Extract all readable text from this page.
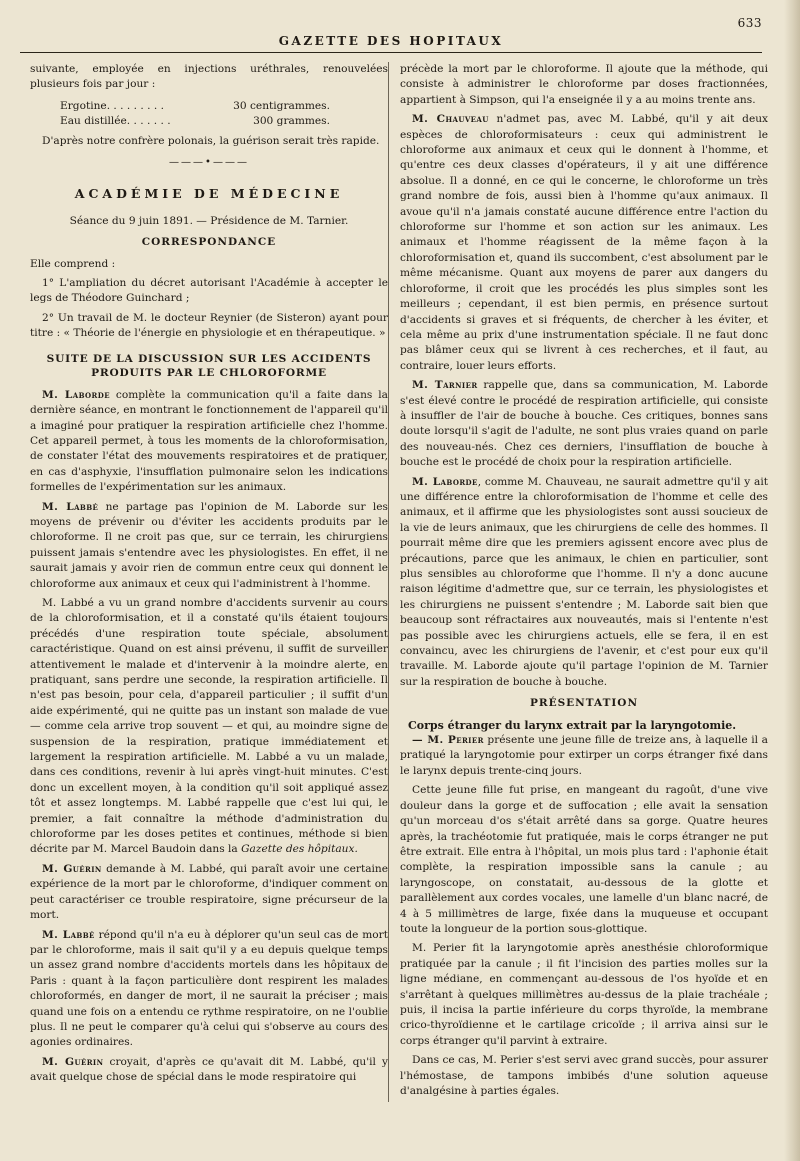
633
GAZETTE DES HOPITAUX

suivante, employée en injections uréthrales, renouvelées plusieurs fois par jour :

Ergotine. . . . . . . . .	30 centigrammes.
Eau distillée. . . . . . .	300 grammes.

D'après notre confrère polonais, la guérison serait très rapide.

———•———
ACADÉMIE DE MÉDECINE
Séance du 9 juin 1891. — Présidence de M. Tarnier.
CORRESPONDANCE

Elle comprend :

1° L'ampliation du décret autorisant l'Académie à accepter le legs de Théodore Guinchard ;

2° Un travail de M. le docteur Reynier (de Sisteron) ayant pour titre : « Théorie de l'énergie en physiologie et en thérapeutique. »

SUITE DE LA DISCUSSION SUR LES ACCIDENTS PRODUITS PAR LE CHLOROFORME

M. Laborde complète la communication qu'il a faite dans la dernière séance, en montrant le fonctionnement de l'appareil qu'il a imaginé pour pratiquer la respiration artificielle chez l'homme. Cet appareil permet, à tous les moments de la chloroformisation, de constater l'état des mouvements respiratoires et de pratiquer, en cas d'asphyxie, l'insufflation pulmonaire selon les indications formelles de l'expérimentation sur les animaux.

M. Labbé ne partage pas l'opinion de M. Laborde sur les moyens de prévenir ou d'éviter les accidents produits par le chloroforme. Il ne croit pas que, sur ce terrain, les chirurgiens puissent jamais s'entendre avec les physiologistes. En effet, il ne saurait jamais y avoir rien de commun entre ceux qui donnent le chloroforme aux animaux et ceux qui l'administrent à l'homme.

M. Labbé a vu un grand nombre d'accidents survenir au cours de la chloroformisation, et il a constaté qu'ils étaient toujours précédés d'une respiration toute spéciale, absolument caractéristique. Quand on est ainsi prévenu, il suffit de surveiller attentivement le malade et d'intervenir à la moindre alerte, en pratiquant, sans perdre une seconde, la respiration artificielle. Il n'est pas besoin, pour cela, d'appareil particulier ; il suffit d'un aide expérimenté, qui ne quitte pas un instant son malade de vue — comme cela arrive trop souvent — et qui, au moindre signe de suspension de la respiration, pratique immédiatement et largement la respiration artificielle. M. Labbé a vu un malade, dans ces conditions, revenir à lui après vingt-huit minutes. C'est donc un excellent moyen, à la condition qu'il soit appliqué assez tôt et assez longtemps. M. Labbé rappelle que c'est lui qui, le premier, a fait connaître la méthode d'administration du chloroforme par les doses petites et continues, méthode si bien décrite par M. Marcel Baudoin dans la Gazette des hôpitaux.

M. Guérin demande à M. Labbé, qui paraît avoir une certaine expérience de la mort par le chloroforme, d'indiquer comment on peut caractériser ce trouble respiratoire, signe précurseur de la mort.

M. Labbé répond qu'il n'a eu à déplorer qu'un seul cas de mort par le chloroforme, mais il sait qu'il y a eu depuis quelque temps un assez grand nombre d'accidents mortels dans les hôpitaux de Paris : quant à la façon particulière dont respirent les malades chloroformés, en danger de mort, il ne saurait la préciser ; mais quand une fois on a entendu ce rythme respiratoire, on ne l'oublie plus. Il ne peut le comparer qu'à celui qui s'observe au cours des agonies ordinaires.

M. Guérin croyait, d'après ce qu'avait dit M. Labbé, qu'il y avait quelque chose de spécial dans le mode respiratoire qui

précède la mort par le chloroforme. Il ajoute que la méthode, qui consiste à administrer le chloroforme par doses fractionnées, appartient à Simpson, qui l'a enseignée il y a au moins trente ans.

M. Chauveau n'admet pas, avec M. Labbé, qu'il y ait deux espèces de chloroformisateurs : ceux qui administrent le chloroforme aux animaux et ceux qui le donnent à l'homme, et qu'entre ces deux classes d'opérateurs, il y ait une différence absolue. Il a donné, en ce qui le concerne, le chloroforme un très grand nombre de fois, aussi bien à l'homme qu'aux animaux. Il avoue qu'il n'a jamais constaté aucune différence entre l'action du chloroforme sur l'homme et son action sur les animaux. Les animaux et l'homme réagissent de la même façon à la chloroformisation et, quand ils succombent, c'est absolument par le même mécanisme. Quant aux moyens de parer aux dangers du chloroforme, il croit que les procédés les plus simples sont les meilleurs ; cependant, il est bien permis, en présence surtout d'accidents si graves et si fréquents, de chercher à les éviter, et cela même au prix d'une instrumentation spéciale. Il ne faut donc pas blâmer ceux qui se livrent à ces recherches, et il faut, au contraire, louer leurs efforts.

M. Tarnier rappelle que, dans sa communication, M. Laborde s'est élevé contre le procédé de respiration artificielle, qui consiste à insuffler de l'air de bouche à bouche. Ces critiques, bonnes sans doute lorsqu'il s'agit de l'adulte, ne sont plus vraies quand on parle des nouveau-nés. Chez ces derniers, l'insufflation de bouche à bouche est le procédé de choix pour la respiration artificielle.

M. Laborde, comme M. Chauveau, ne saurait admettre qu'il y ait une différence entre la chloroformisation de l'homme et celle des animaux, et il affirme que les physiologistes sont aussi soucieux de la vie de leurs animaux, que les chirurgiens de celle des hommes. Il pourrait même dire que les premiers agissent encore avec plus de précautions, parce que les animaux, le chien en particulier, sont plus sensibles au chloroforme que l'homme. Il n'y a donc aucune raison légitime d'admettre que, sur ce terrain, les physiologistes et les chirurgiens ne puissent s'entendre ; M. Laborde sait bien que beaucoup sont réfractaires aux nouveautés, mais si l'entente n'est pas possible avec les chirurgiens actuels, elle se fera, il en est convaincu, avec les chirurgiens de l'avenir, et c'est pour eux qu'il travaille. M. Laborde ajoute qu'il partage l'opinion de M. Tarnier sur la respiration de bouche à bouche.

PRÉSENTATION

Corps étranger du larynx extrait par la laryngotomie.

— M. Perier présente une jeune fille de treize ans, à laquelle il a pratiqué la laryngotomie pour extirper un corps étranger fixé dans le larynx depuis trente-cinq jours.

Cette jeune fille fut prise, en mangeant du ragoût, d'une vive douleur dans la gorge et de suffocation ; elle avait la sensation qu'un morceau d'os s'était arrêté dans sa gorge. Quatre heures après, la trachéotomie fut pratiquée, mais le corps étranger ne put être extrait. Elle entra à l'hôpital, un mois plus tard : l'aphonie était complète, la respiration impossible sans la canule ; au laryngoscope, on constatait, au-dessous de la glotte et parallèlement aux cordes vocales, une lamelle d'un blanc nacré, de 4 à 5 millimètres de large, fixée dans la muqueuse et occupant toute la longueur de la portion sous-glottique.

M. Perier fit la laryngotomie après anesthésie chloroformique pratiquée par la canule ; il fit l'incision des parties molles sur la ligne médiane, en commençant au-dessous de l'os hyoïde et en s'arrêtant à quelques millimètres au-dessus de la plaie trachéale ; puis, il incisa la partie inférieure du corps thyroïde, la membrane crico-thyroïdienne et le cartilage cricoïde ; il arriva ainsi sur le corps étranger qu'il parvint à extraire.

Dans ce cas, M. Perier s'est servi avec grand succès, pour assurer l'hémostase, de tampons imbibés d'une solution aqueuse d'analgésine à parties égales.
